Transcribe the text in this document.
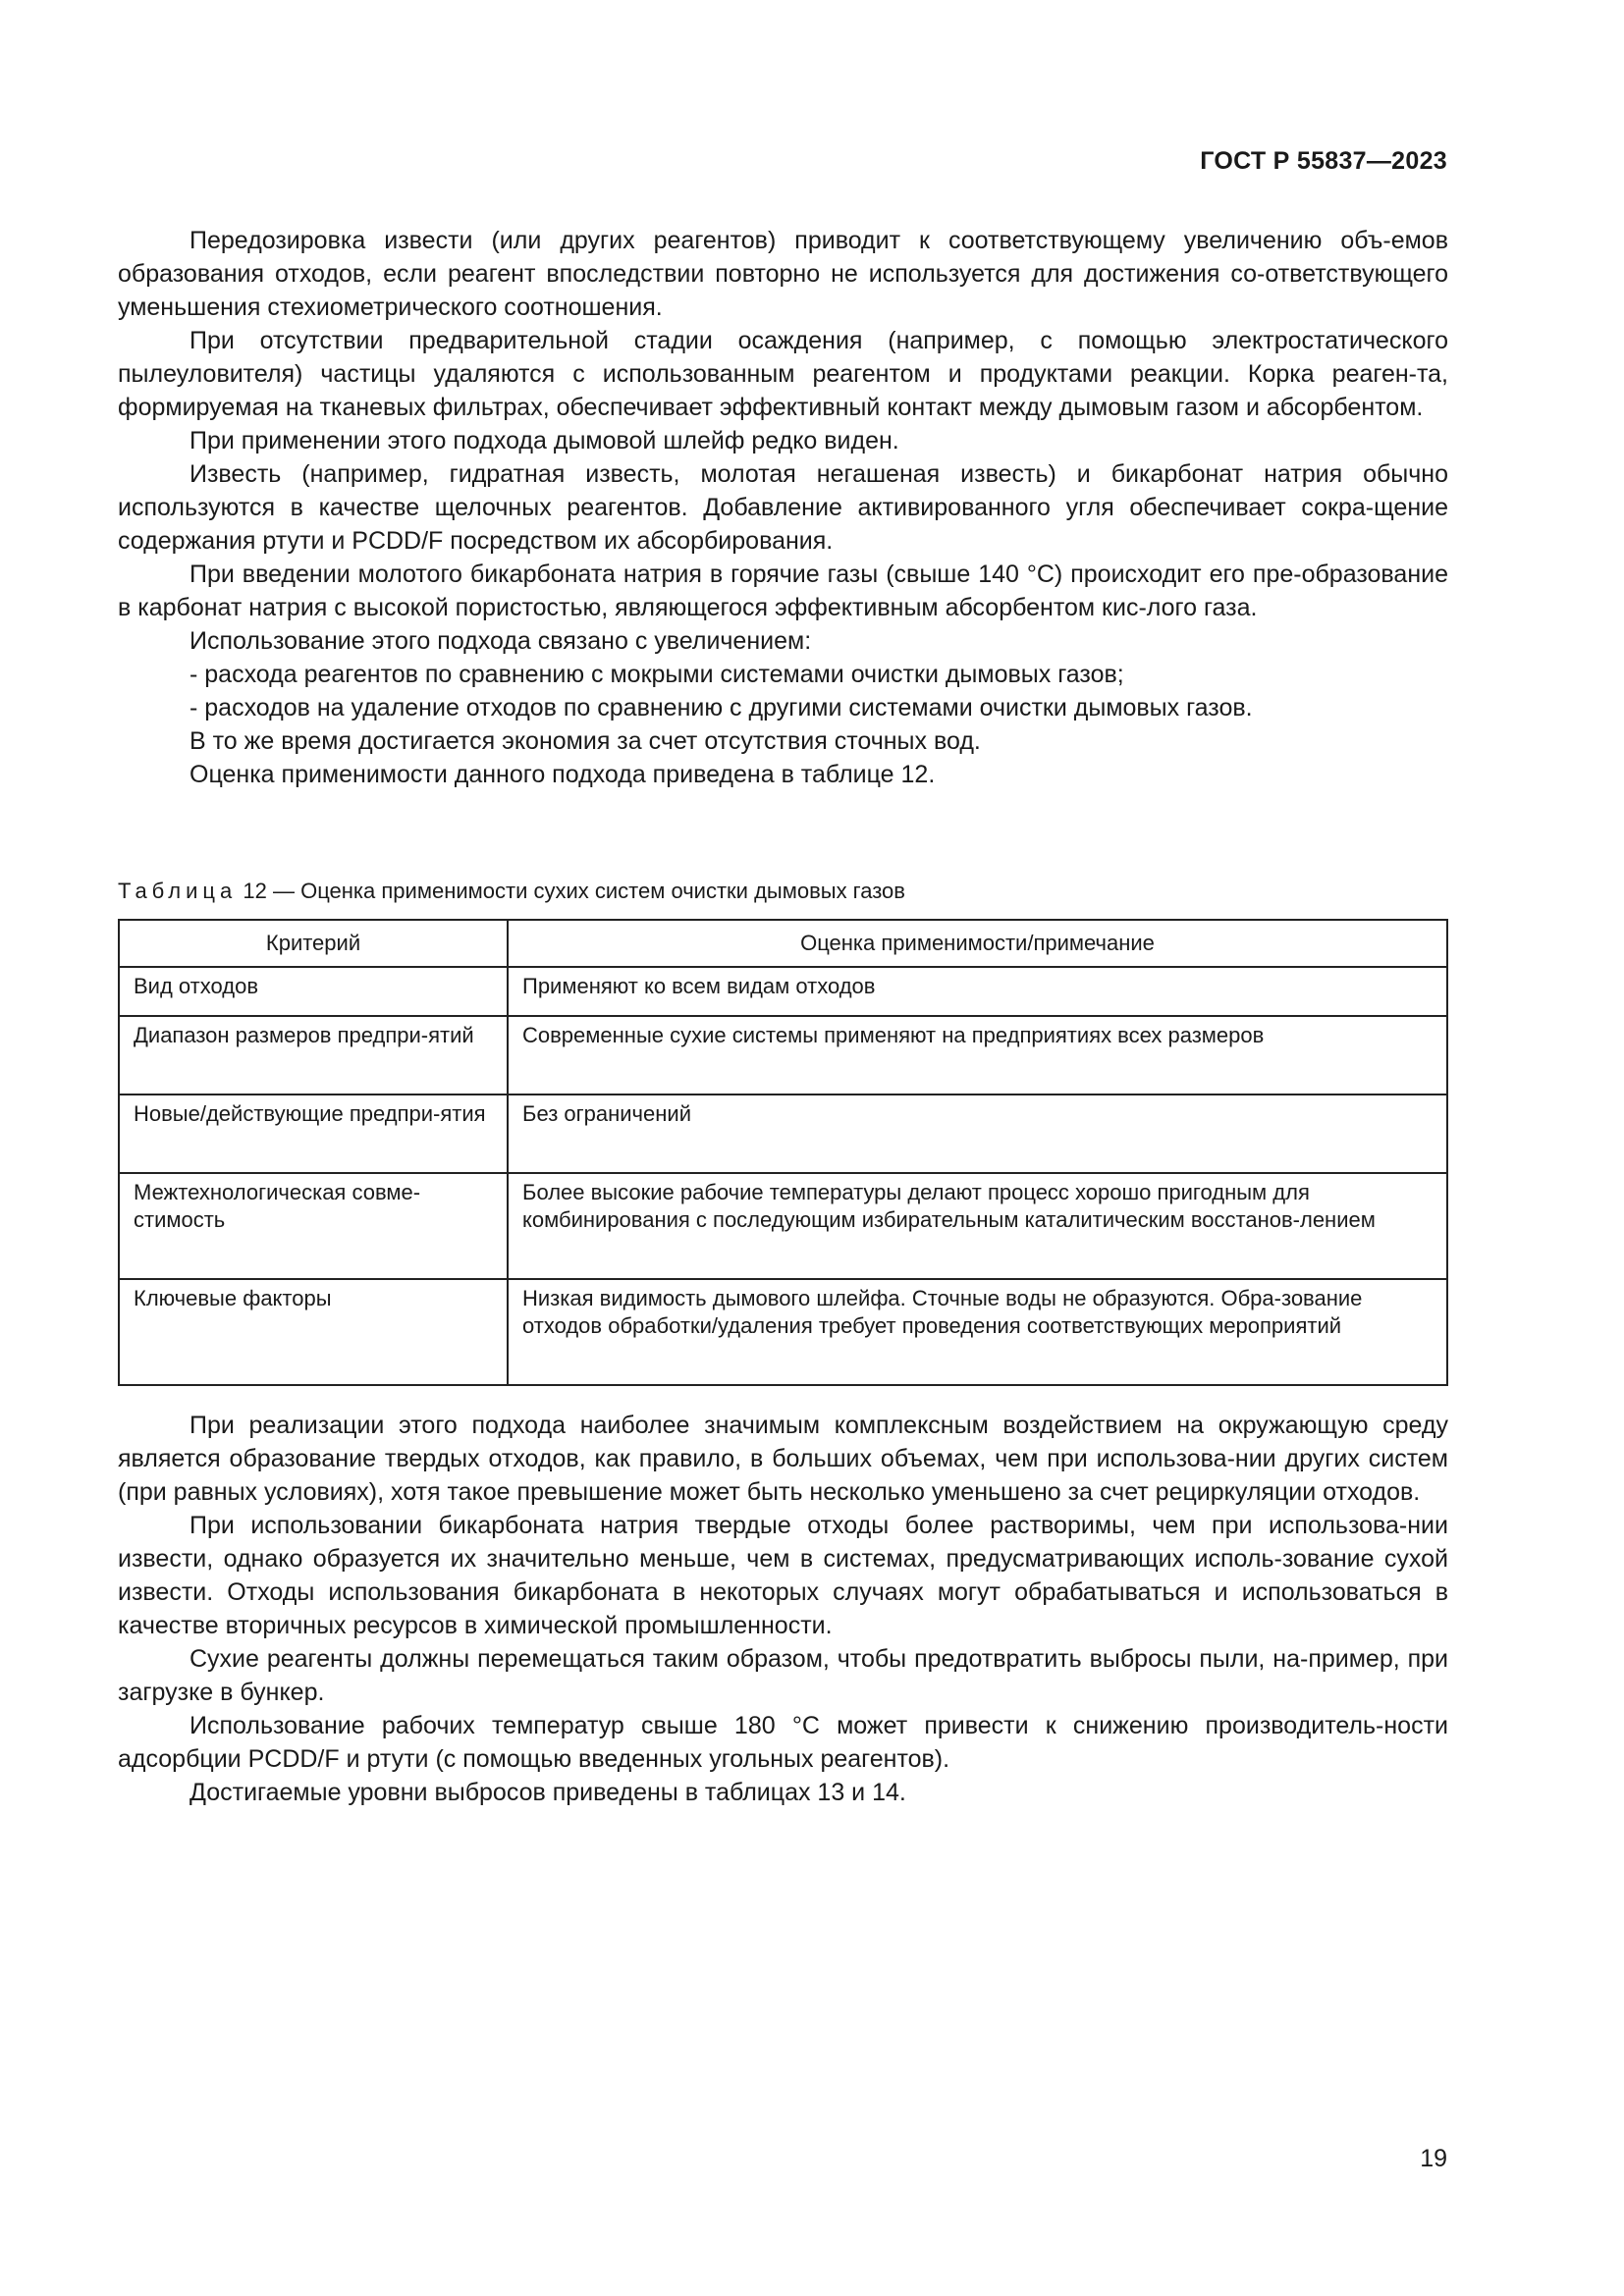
ГОСТ Р 55837—2023

Передозировка извести (или других реагентов) приводит к соответствующему увеличению объ-емов образования отходов, если реагент впоследствии повторно не используется для достижения со-ответствующего уменьшения стехиометрического соотношения.

При отсутствии предварительной стадии осаждения (например, с помощью электростатического пылеуловителя) частицы удаляются с использованным реагентом и продуктами реакции. Корка реаген-та, формируемая на тканевых фильтрах, обеспечивает эффективный контакт между дымовым газом и абсорбентом.

При применении этого подхода дымовой шлейф редко виден.

Известь (например, гидратная известь, молотая негашеная известь) и бикарбонат натрия обычно используются в качестве щелочных реагентов. Добавление активированного угля обеспечивает сокра-щение содержания ртути и PCDD/F посредством их абсорбирования.

При введении молотого бикарбоната натрия в горячие газы (свыше 140 °С) происходит его пре-образование в карбонат натрия с высокой пористостью, являющегося эффективным абсорбентом кис-лого газа.

Использование этого подхода связано с увеличением:

- расхода реагентов по сравнению с мокрыми системами очистки дымовых газов;

- расходов на удаление отходов по сравнению с другими системами очистки дымовых газов.

В то же время достигается экономия за счет отсутствия сточных вод.

Оценка применимости данного подхода приведена в таблице 12.

Таблица 12 — Оценка применимости сухих систем очистки дымовых газов
Критерий	Оценка применимости/примечание
Вид отходов	Применяют ко всем видам отходов
Диапазон размеров предпри-ятий	Современные сухие системы применяют на предприятиях всех размеров
Новые/действующие предпри-ятия	Без ограничений
Межтехнологическая совме-стимость	Более высокие рабочие температуры делают процесс хорошо пригодным для комбинирования с последующим избирательным каталитическим восстанов-лением
Ключевые факторы	Низкая видимость дымового шлейфа. Сточные воды не образуются. Обра-зование отходов обработки/удаления требует проведения соответствующих мероприятий

При реализации этого подхода наиболее значимым комплексным воздействием на окружающую среду является образование твердых отходов, как правило, в больших объемах, чем при использова-нии других систем (при равных условиях), хотя такое превышение может быть несколько уменьшено за счет рециркуляции отходов.

При использовании бикарбоната натрия твердые отходы более растворимы, чем при использова-нии извести, однако образуется их значительно меньше, чем в системах, предусматривающих исполь-зование сухой извести. Отходы использования бикарбоната в некоторых случаях могут обрабатываться и использоваться в качестве вторичных ресурсов в химической промышленности.

Сухие реагенты должны перемещаться таким образом, чтобы предотвратить выбросы пыли, на-пример, при загрузке в бункер.

Использование рабочих температур свыше 180 °С может привести к снижению производитель-ности адсорбции PCDD/F и ртути (с помощью введенных угольных реагентов).

Достигаемые уровни выбросов приведены в таблицах 13 и 14.

19
